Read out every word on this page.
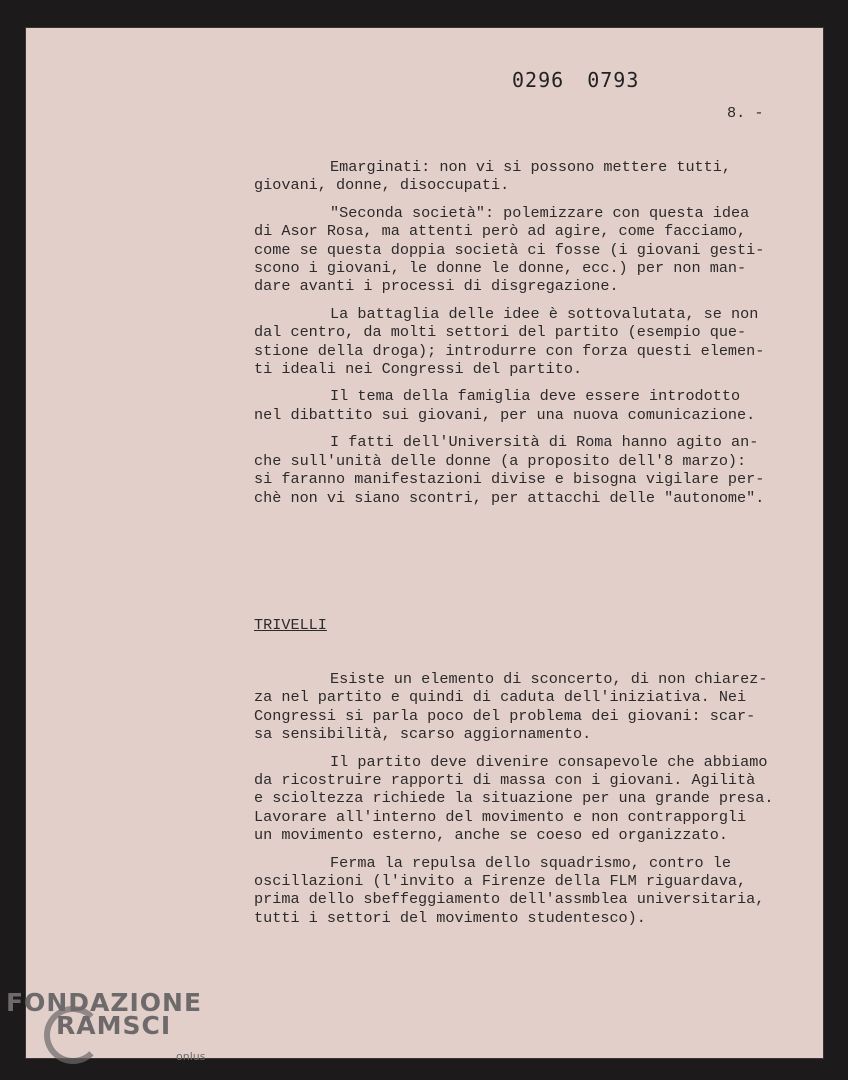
0296 0793
8. -

Emarginati: non vi si possono mettere tutti,
giovani, donne, disoccupati.

"Seconda società": polemizzare con questa idea
di Asor Rosa, ma attenti però ad agire, come facciamo,
come se questa doppia società ci fosse (i giovani gesti-
scono i giovani, le donne le donne, ecc.) per non man-
dare avanti i processi di disgregazione.

La battaglia delle idee è sottovalutata, se non
dal centro, da molti settori del partito (esempio que-
stione della droga); introdurre con forza questi elemen-
ti ideali nei Congressi del partito.

Il tema della famiglia deve essere introdotto
nel dibattito sui giovani, per una nuova comunicazione.

I fatti dell'Università di Roma hanno agito an-
che sull'unità delle donne (a proposito dell'8 marzo):
si faranno manifestazioni divise e bisogna vigilare per-
chè non vi siano scontri, per attacchi delle "autonome".

TRIVELLI

Esiste un elemento di sconcerto, di non chiarez-
za nel partito e quindi di caduta dell'iniziativa. Nei
Congressi si parla poco del problema dei giovani: scar-
sa sensibilità, scarso aggiornamento.

Il partito deve divenire consapevole che abbiamo
da ricostruire rapporti di massa con i giovani. Agilità
e scioltezza richiede la situazione per una grande presa.
Lavorare all'interno del movimento e non contrapporgli
un movimento esterno, anche se coeso ed organizzato.

Ferma la repulsa dello squadrismo, contro le
oscillazioni (l'invito a Firenze della FLM riguardava,
prima dello sbeffeggiamento dell'assmblea universitaria,
tutti i settori del movimento studentesco).

FONDAZIONE
RAMSCI
onlus
